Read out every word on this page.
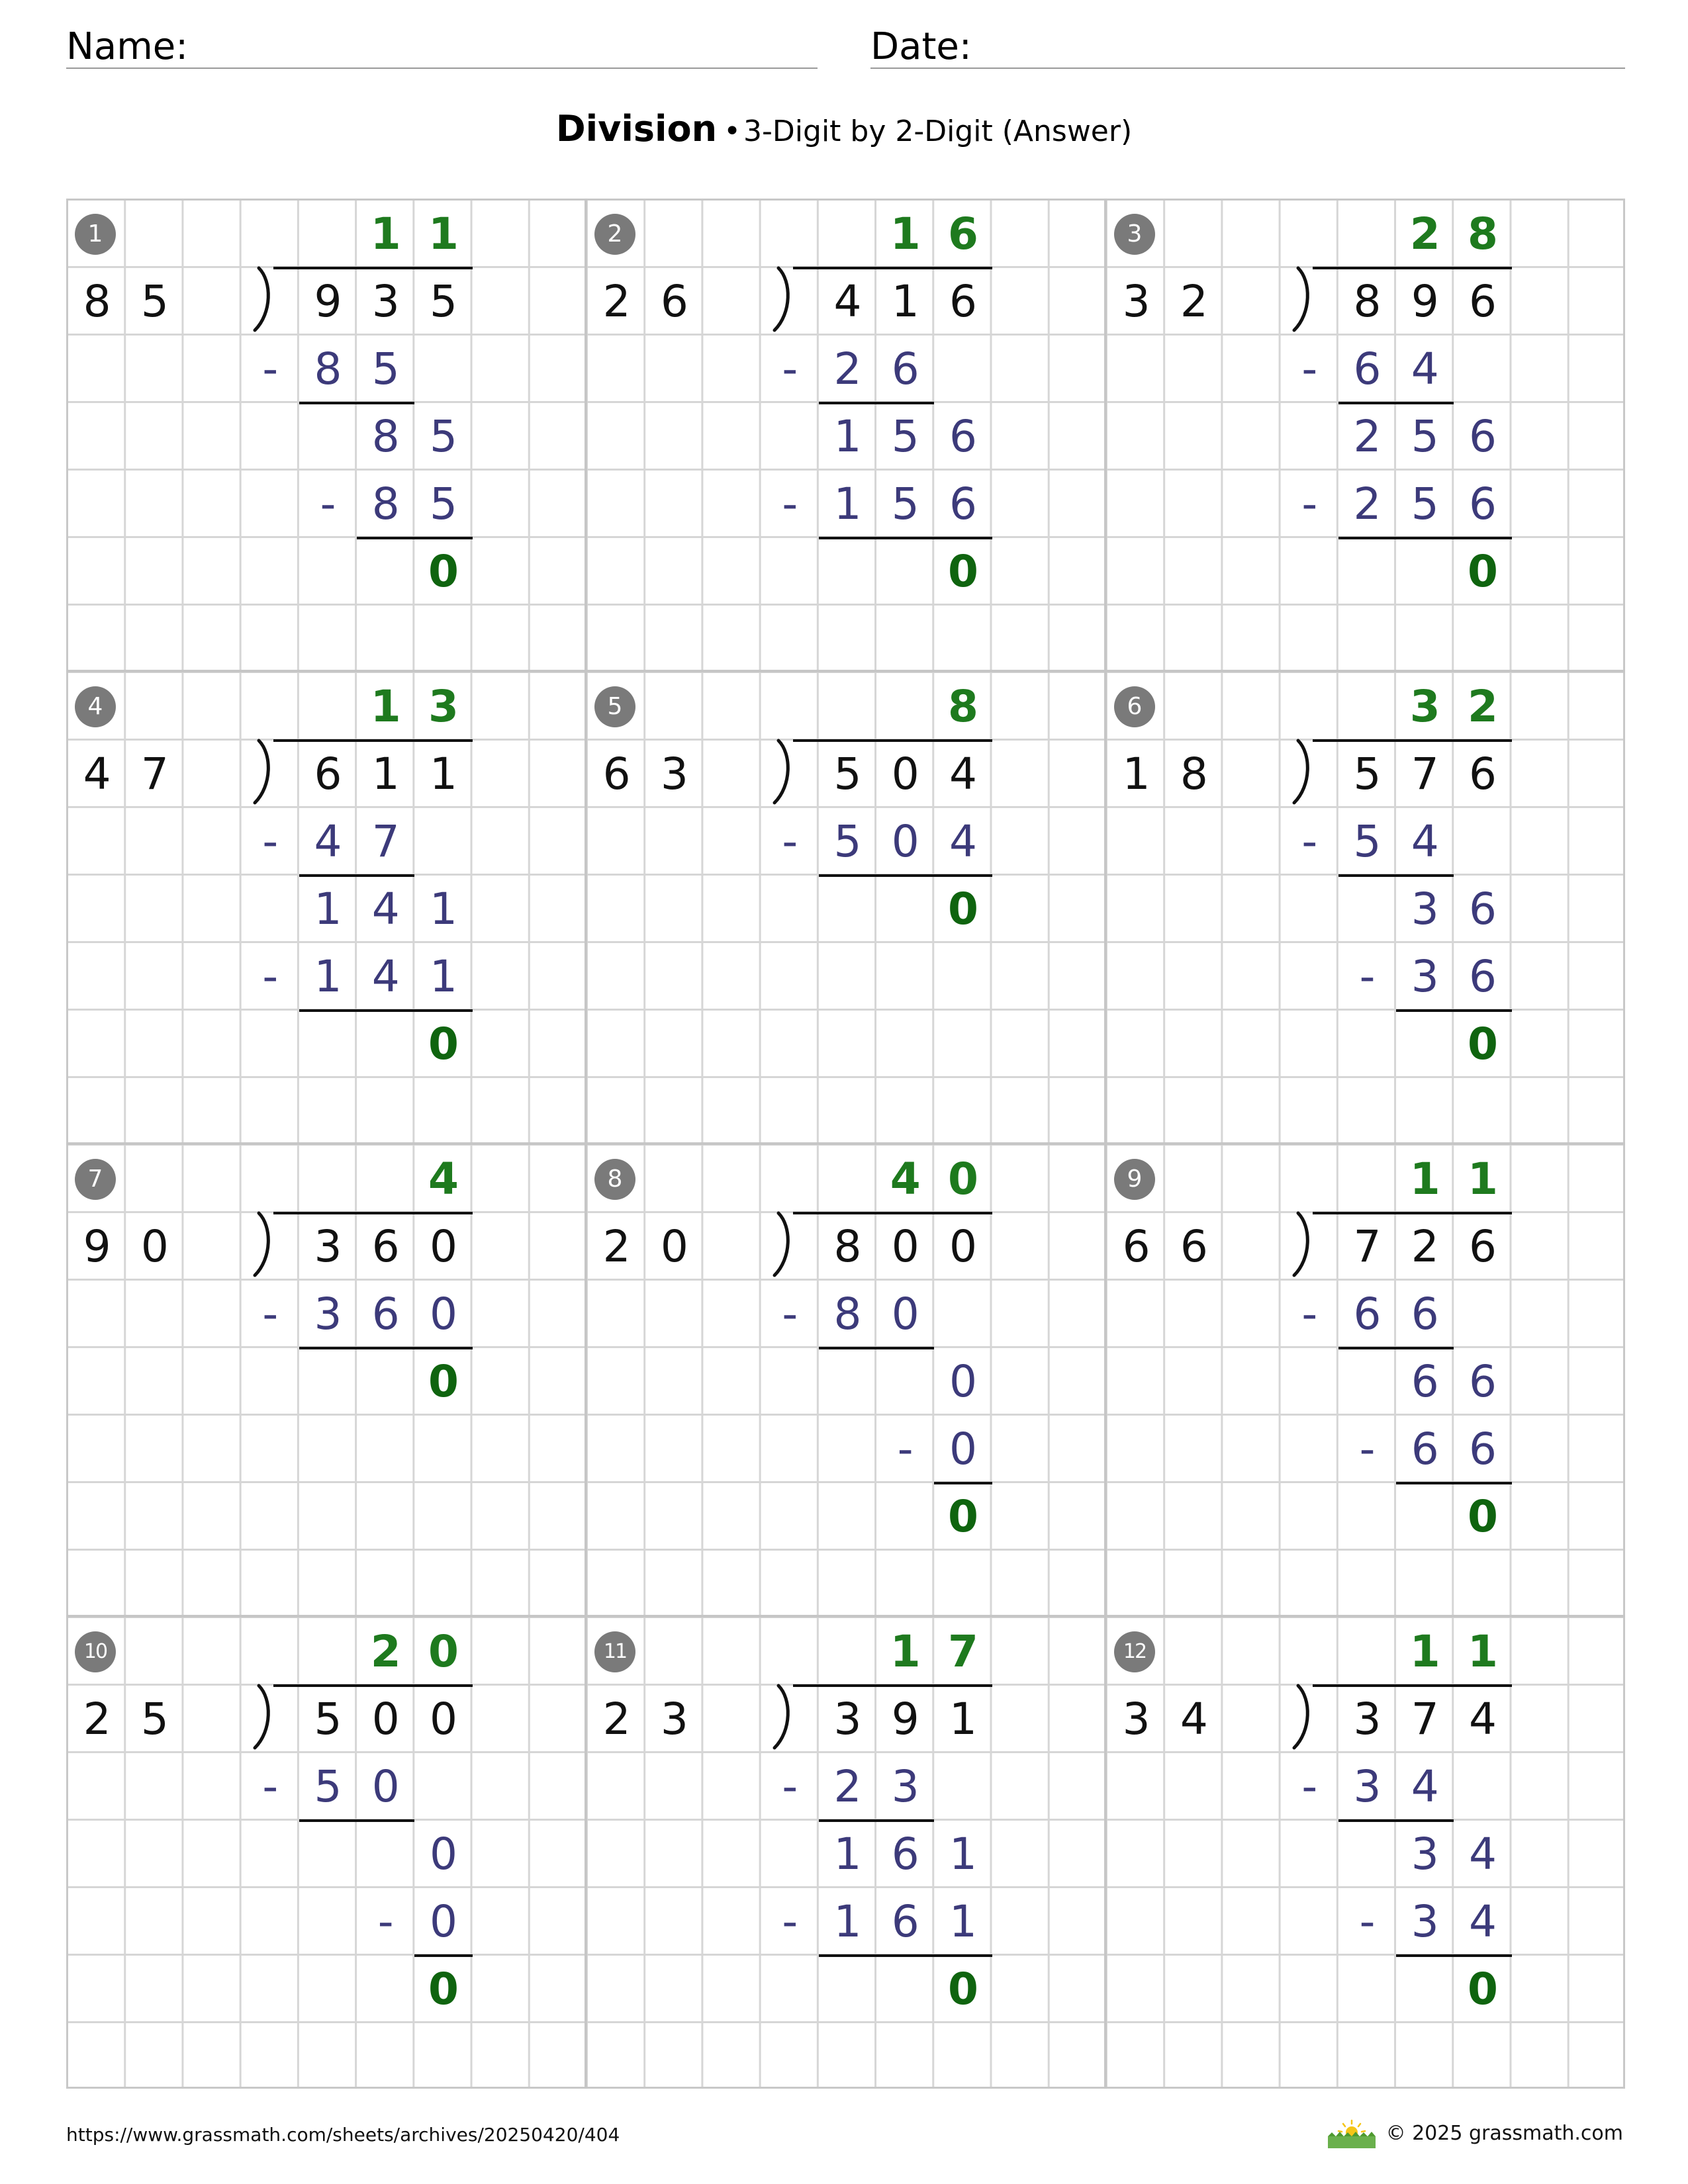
Name:	Date:
Division •3-Digit by 2-Digit (Answer)
1
8 5	9 3 5
1 1
- 8 5
8 5
- 8 5
0
2
2 6	4 1 6
1 6
- 2 6
1 5 6
- 1 5 6
0
3
3 2	8 9 6
2 8
- 6 4
2 5 6
- 2 5 6
0
4
4 7	6 1 1
1 3
- 4 7
1 4 1
- 1 4 1
0
5
6 3	5 0 4
8
- 5 0 4
0
6
1 8	5 7 6
3 2
- 5 4
3 6
- 3 6
0
7
9 0	3 6 0
4
- 3 6 0
0
8
2 0	8 0 0
4 0
- 8 0
0
- 0
0
9
6 6	7 2 6
1 1
- 6 6
6 6
- 6 6
0
10
2 5	5 0 0
2 0
- 5 0
0
- 0
0
11
2 3	3 9 1
1 7
- 2 3
1 6 1
- 1 6 1
0
12
3 4	3 7 4
1 1
- 3 4
3 4
- 3 4
0
https://www.grassmath.com/sheets/archives/20250420/404	© 2025 grassmath.com
